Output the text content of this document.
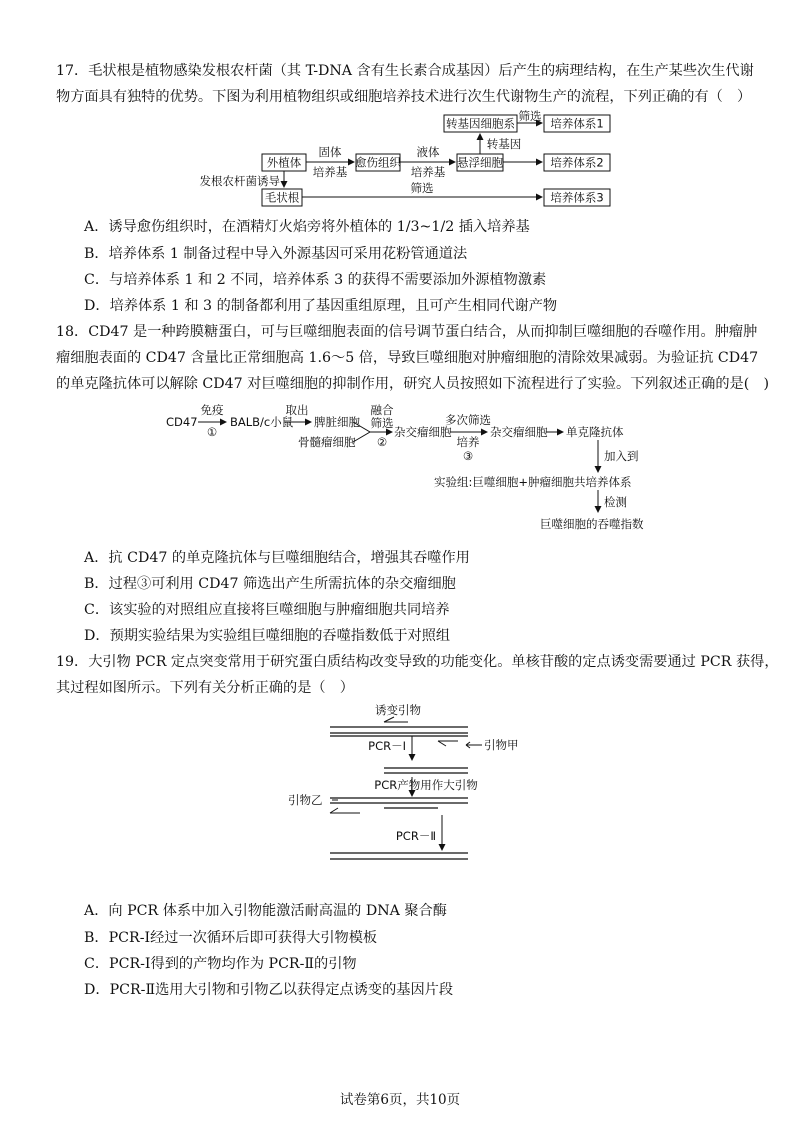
17．毛状根是植物感染发根农杆菌（其 T-DNA 含有生长素合成基因）后产生的病理结构，在生产某些次生代谢
物方面具有独特的优势。下图为利用植物组织或细胞培养技术进行次生代谢物生产的流程，下列正确的有（　）
外植体	愈伤组织	悬浮细胞
转基因细胞系
毛状根
培养体系1
培养体系2
培养体系3
固体
培养基
液体
培养基
筛选
转基因
筛选
发根农杆菌诱导
A．诱导愈伤组织时，在酒精灯火焰旁将外植体的 1/3~1/2 插入培养基
B．培养体系 1 制备过程中导入外源基因可采用花粉管通道法
C．与培养体系 1 和 2 不同，培养体系 3 的获得不需要添加外源植物激素
D．培养体系 1 和 3 的制备都利用了基因重组原理，且可产生相同代谢产物
18．CD47 是一种跨膜糖蛋白，可与巨噬细胞表面的信号调节蛋白结合，从而抑制巨噬细胞的吞噬作用。肿瘤肿
瘤细胞表面的 CD47 含量比正常细胞高 1.6～5 倍，导致巨噬细胞对肿瘤细胞的清除效果减弱。为验证抗 CD47
的单克隆抗体可以解除 CD47 对巨噬细胞的抑制作用，研究人员按照如下流程进行了实验。下列叙述正确的是(　)
CD47
免疫
①
BALB/c小鼠
取出
脾脏细胞
骨髓瘤细胞
融合
筛选
②
杂交瘤细胞
多次筛选
培养
③
杂交瘤细胞 单克隆抗体
加入到
实验组:巨噬细胞+肿瘤细胞共培养体系
检测
巨噬细胞的吞噬指数
A．抗 CD47 的单克隆抗体与巨噬细胞结合，增强其吞噬作用
B．过程③可利用 CD47 筛选出产生所需抗体的杂交瘤细胞
C．该实验的对照组应直接将巨噬细胞与肿瘤细胞共同培养
D．预期实验结果为实验组巨噬细胞的吞噬指数低于对照组
19．大引物 PCR 定点突变常用于研究蛋白质结构改变导致的功能变化。单核苷酸的定点诱变需要通过 PCR 获得，
其过程如图所示。下列有关分析正确的是（　）
诱变引物
PCR－Ⅰ	引物甲
PCR产物用作大引物
引物乙
PCR－Ⅱ
A．向 PCR 体系中加入引物能激活耐高温的 DNA 聚合酶
B．PCR-Ⅰ经过一次循环后即可获得大引物模板
C．PCR-Ⅰ得到的产物均作为 PCR-Ⅱ的引物
D．PCR-Ⅱ选用大引物和引物乙以获得定点诱变的基因片段
试卷第6页，共10页
